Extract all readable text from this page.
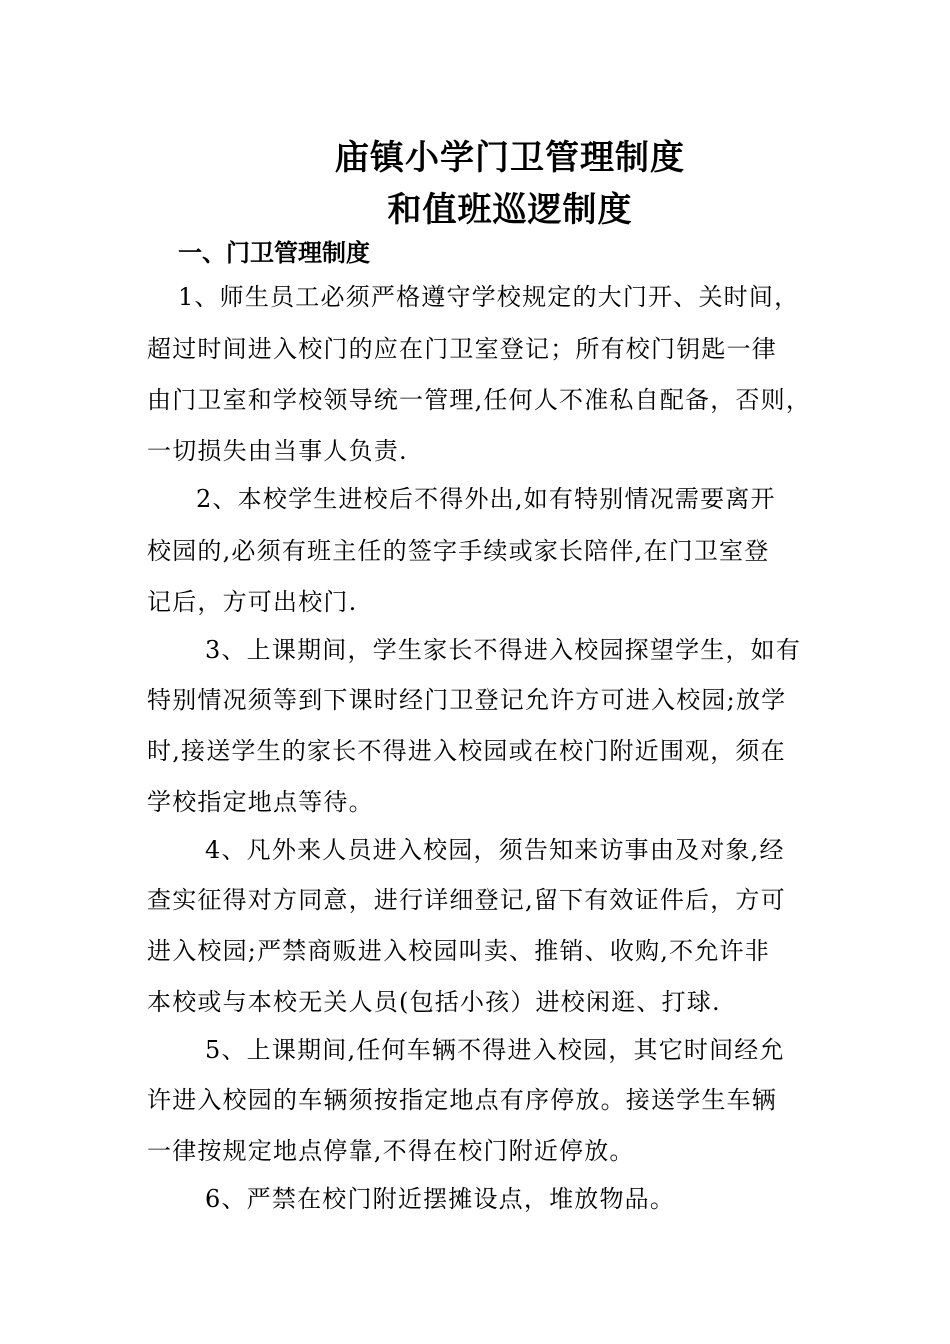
庙镇小学门卫管理制度
和值班巡逻制度
一、门卫管理制度

1、师生员工必须严格遵守学校规定的大门开、关时间，

超过时间进入校门的应在门卫室登记；所有校门钥匙一律

由门卫室和学校领导统一管理,任何人不准私自配备，否则，

一切损失由当事人负责.

2、本校学生进校后不得外出,如有特别情况需要离开

校园的,必须有班主任的签字手续或家长陪伴,在门卫室登

记后，方可出校门.

3、上课期间，学生家长不得进入校园探望学生，如有

特别情况须等到下课时经门卫登记允许方可进入校园;放学

时,接送学生的家长不得进入校园或在校门附近围观，须在

学校指定地点等待。

4、凡外来人员进入校园，须告知来访事由及对象,经

查实征得对方同意，进行详细登记,留下有效证件后，方可

进入校园;严禁商贩进入校园叫卖、推销、收购,不允许非

本校或与本校无关人员(包括小孩）进校闲逛、打球.

5、上课期间,任何车辆不得进入校园，其它时间经允

许进入校园的车辆须按指定地点有序停放。接送学生车辆

一律按规定地点停靠,不得在校门附近停放。

6、严禁在校门附近摆摊设点，堆放物品。
